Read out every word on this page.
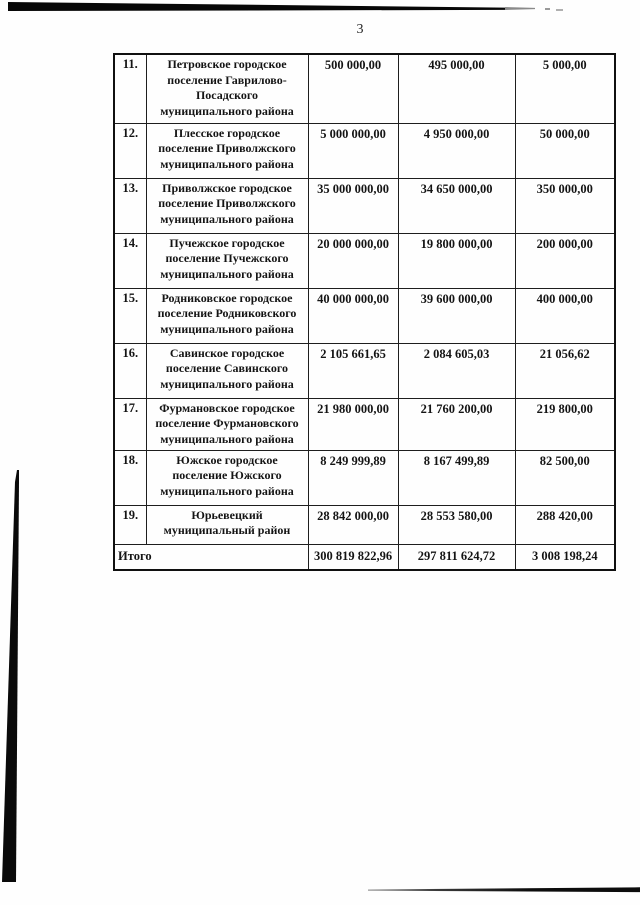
3
11.	Петровское городское поселение Гаврилово-Посадского муниципального района	500 000,00	495 000,00	5 000,00
12.	Плесское городское поселение Приволжского муниципального района	5 000 000,00	4 950 000,00	50 000,00
13.	Приволжское городское поселение Приволжского муниципального района	35 000 000,00	34 650 000,00	350 000,00
14.	Пучежское городское поселение Пучежского муниципального района	20 000 000,00	19 800 000,00	200 000,00
15.	Родниковское городское поселение Родниковского муниципального района	40 000 000,00	39 600 000,00	400 000,00
16.	Савинское городское поселение Савинского муниципального района	2 105 661,65	2 084 605,03	21 056,62
17.	Фурмановское городское поселение Фурмановского муниципального района	21 980 000,00	21 760 200,00	219 800,00
18.	Южское городское поселение Южского муниципального района	8 249 999,89	8 167 499,89	82 500,00
19.	Юрьевецкий муниципальный район	28 842 000,00	28 553 580,00	288 420,00
Итого		300 819 822,96	297 811 624,72	3 008 198,24
